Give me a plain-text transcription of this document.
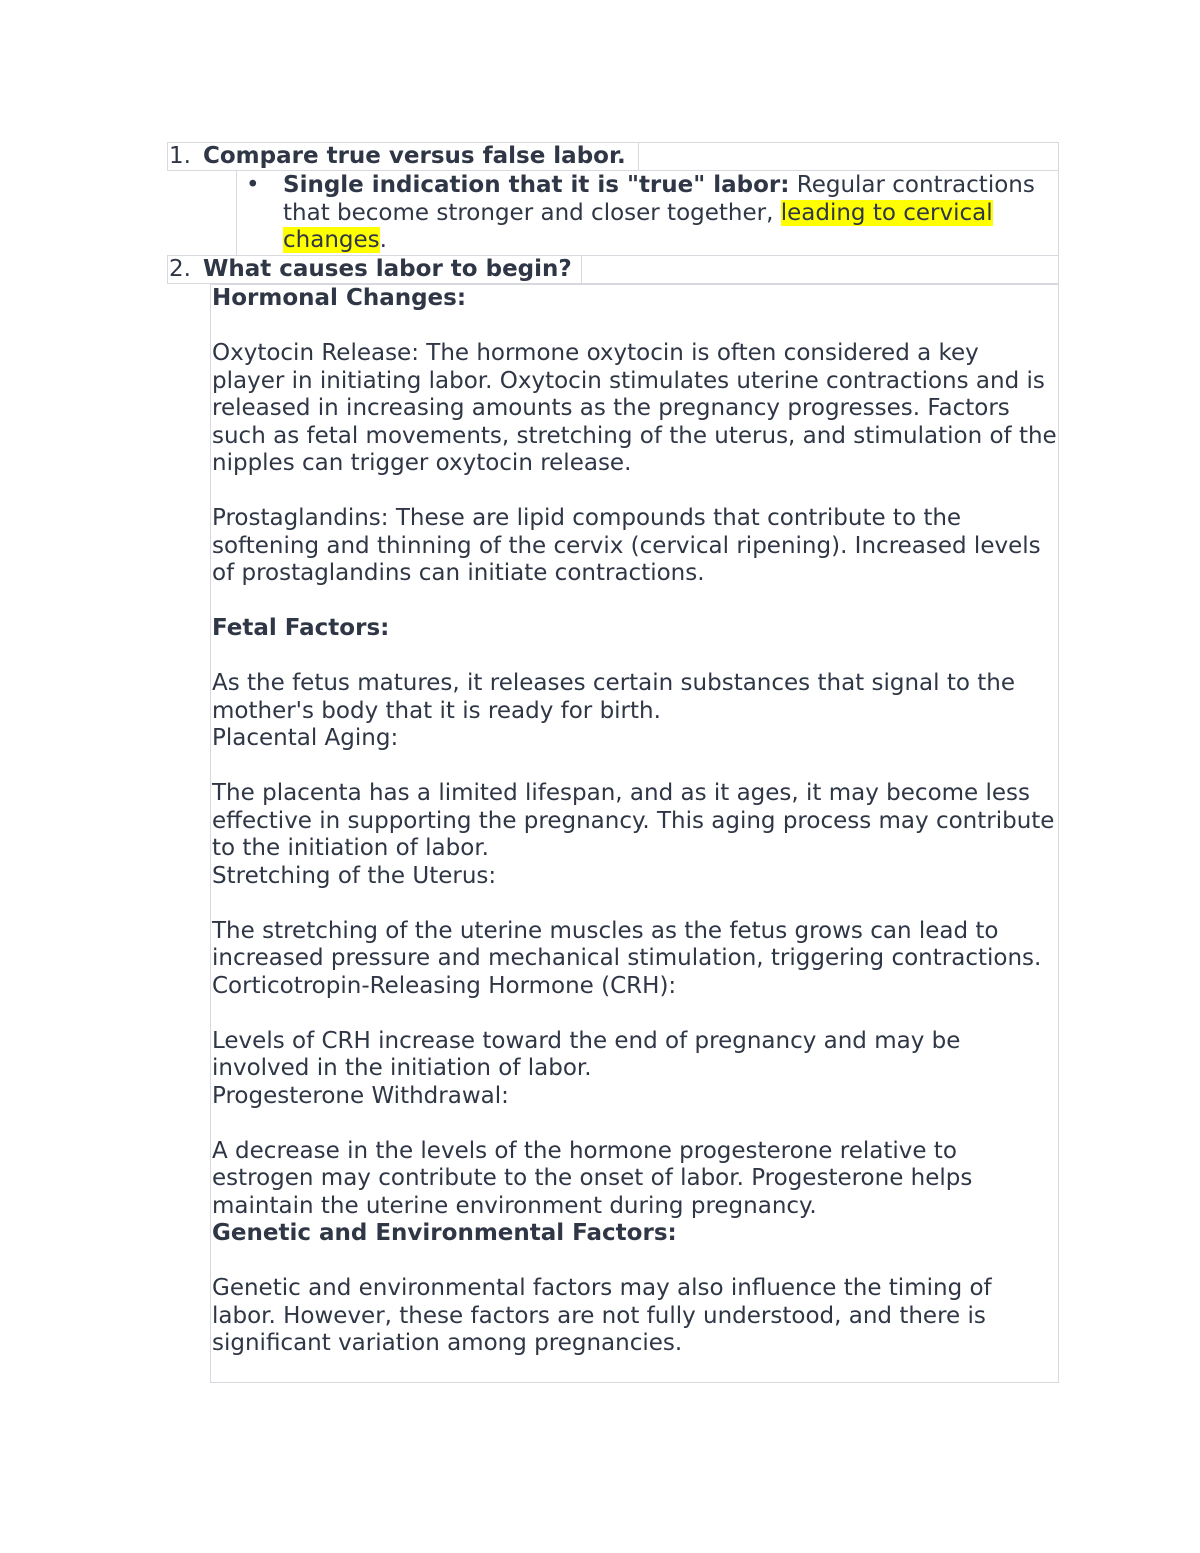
1. Compare true versus false labor.
• Single indication that it is "true" labor: Regular contractions that become stronger and closer together, leading to cervical changes.
2. What causes labor to begin?

Hormonal Changes:

Oxytocin Release: The hormone oxytocin is often considered a key player in initiating labor. Oxytocin stimulates uterine contractions and is released in increasing amounts as the pregnancy progresses. Factors such as fetal movements, stretching of the uterus, and stimulation of the nipples can trigger oxytocin release.

Prostaglandins: These are lipid compounds that contribute to the softening and thinning of the cervix (cervical ripening). Increased levels of prostaglandins can initiate contractions.

Fetal Factors:

As the fetus matures, it releases certain substances that signal to the mother's body that it is ready for birth.

Placental Aging:

The placenta has a limited lifespan, and as it ages, it may become less effective in supporting the pregnancy. This aging process may contribute to the initiation of labor.

Stretching of the Uterus:

The stretching of the uterine muscles as the fetus grows can lead to increased pressure and mechanical stimulation, triggering contractions.

Corticotropin-Releasing Hormone (CRH):

Levels of CRH increase toward the end of pregnancy and may be involved in the initiation of labor.

Progesterone Withdrawal:

A decrease in the levels of the hormone progesterone relative to estrogen may contribute to the onset of labor. Progesterone helps maintain the uterine environment during pregnancy.

Genetic and Environmental Factors:

Genetic and environmental factors may also influence the timing of labor. However, these factors are not fully understood, and there is significant variation among pregnancies.
